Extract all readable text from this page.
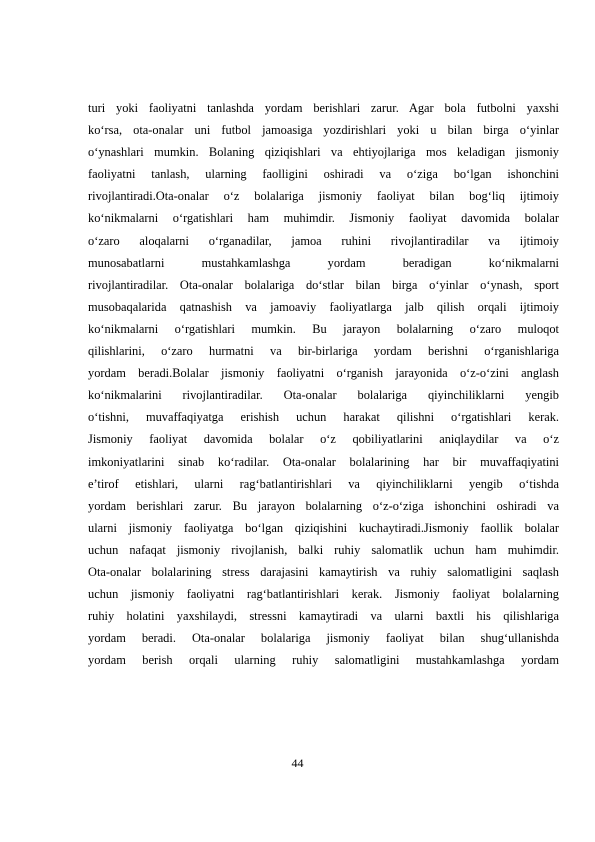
turi yoki faoliyatni tanlashda yordam berishlari zarur. Agar bola futbolni yaxshi
ko‘rsa, ota-onalar uni futbol jamoasiga yozdirishlari yoki u bilan birga o‘yinlar
o‘ynashlari mumkin. Bolaning qiziqishlari va ehtiyojlariga mos keladigan jismoniy
faoliyatni tanlash, ularning faolligini oshiradi va o‘ziga bo‘lgan ishonchini
rivojlantiradi.Ota-onalar o‘z bolalariga jismoniy faoliyat bilan bog‘liq ijtimoiy
ko‘nikmalarni o‘rgatishlari ham muhimdir. Jismoniy faoliyat davomida bolalar
o‘zaro aloqalarni o‘rganadilar, jamoa ruhini rivojlantiradilar va ijtimoiy
munosabatlarni mustahkamlashga yordam beradigan ko‘nikmalarni
rivojlantiradilar. Ota-onalar bolalariga do‘stlar bilan birga o‘yinlar o‘ynash, sport
musobaqalarida qatnashish va jamoaviy faoliyatlarga jalb qilish orqali ijtimoiy
ko‘nikmalarni o‘rgatishlari mumkin. Bu jarayon bolalarning o‘zaro muloqot
qilishlarini, o‘zaro hurmatni va bir-birlariga yordam berishni o‘rganishlariga
yordam beradi.Bolalar jismoniy faoliyatni o‘rganish jarayonida o‘z-o‘zini anglash
ko‘nikmalarini rivojlantiradilar. Ota-onalar bolalariga qiyinchiliklarni yengib
o‘tishni, muvaffaqiyatga erishish uchun harakat qilishni o‘rgatishlari kerak.
Jismoniy faoliyat davomida bolalar o‘z qobiliyatlarini aniqlaydilar va o‘z
imkoniyatlarini sinab ko‘radilar. Ota-onalar bolalarining har bir muvaffaqiyatini
e’tirof etishlari, ularni rag‘batlantirishlari va qiyinchiliklarni yengib o‘tishda
yordam berishlari zarur. Bu jarayon bolalarning o‘z-o‘ziga ishonchini oshiradi va
ularni jismoniy faoliyatga bo‘lgan qiziqishini kuchaytiradi.Jismoniy faollik bolalar
uchun nafaqat jismoniy rivojlanish, balki ruhiy salomatlik uchun ham muhimdir.
Ota-onalar bolalarining stress darajasini kamaytirish va ruhiy salomatligini saqlash
uchun jismoniy faoliyatni rag‘batlantirishlari kerak. Jismoniy faoliyat bolalarning
ruhiy holatini yaxshilaydi, stressni kamaytiradi va ularni baxtli his qilishlariga
yordam beradi. Ota-onalar bolalariga jismoniy faoliyat bilan shug‘ullanishda
yordam berish orqali ularning ruhiy salomatligini mustahkamlashga yordam
44
